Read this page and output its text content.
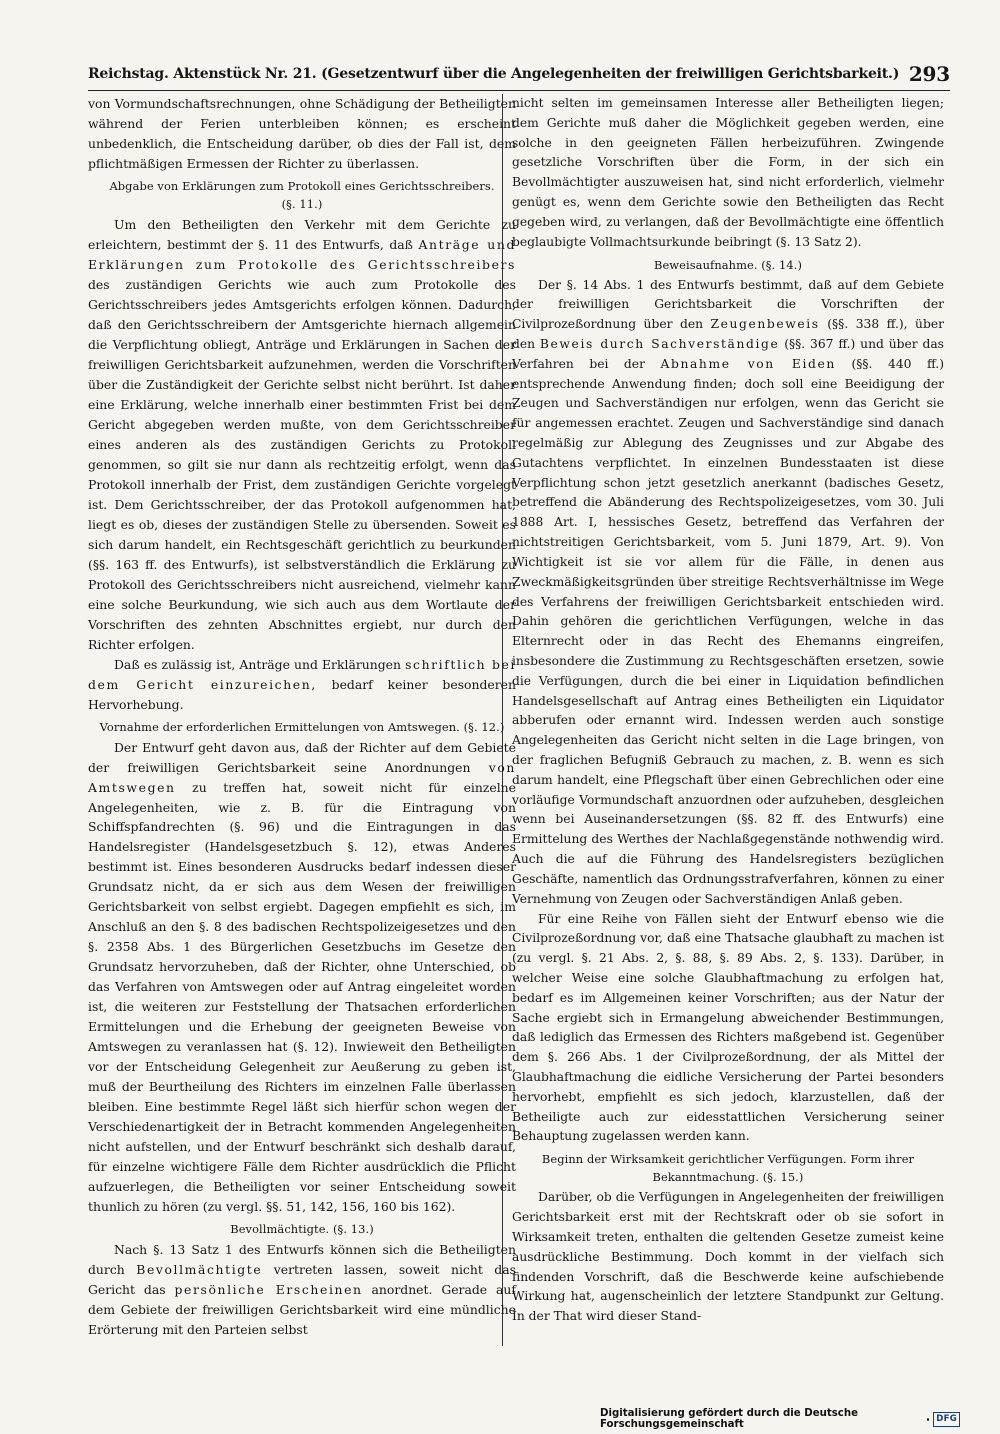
Reichstag. Aktenstück Nr. 21. (Gesetzentwurf über die Angelegenheiten der freiwilligen Gerichtsbarkeit.) 293

von Vormundschaftsrechnungen, ohne Schädigung der Betheiligten während der Ferien unterbleiben können; es erscheint unbedenklich, die Entscheidung darüber, ob dies der Fall ist, dem pflichtmäßigen Ermessen der Richter zu überlassen.

Abgabe von Erklärungen zum Protokoll eines Gerichtsschreibers.
(§. 11.)

Um den Betheiligten den Verkehr mit dem Gerichte zu erleichtern, bestimmt der §. 11 des Entwurfs, daß Anträge und Erklärungen zum Protokolle des Gerichtsschreibers des zuständigen Gerichts wie auch zum Protokolle des Gerichtsschreibers jedes Amtsgerichts erfolgen können. Dadurch, daß den Gerichtsschreibern der Amtsgerichte hiernach allgemein die Verpflichtung obliegt, Anträge und Erklärungen in Sachen der freiwilligen Gerichtsbarkeit aufzunehmen, werden die Vorschriften über die Zuständigkeit der Gerichte selbst nicht berührt. Ist daher eine Erklärung, welche innerhalb einer bestimmten Frist bei dem Gericht abgegeben werden mußte, von dem Gerichtsschreiber eines anderen als des zuständigen Gerichts zu Protokoll genommen, so gilt sie nur dann als rechtzeitig erfolgt, wenn das Protokoll innerhalb der Frist, dem zuständigen Gerichte vorgelegt ist. Dem Gerichtsschreiber, der das Protokoll aufgenommen hat, liegt es ob, dieses der zuständigen Stelle zu übersenden. Soweit es sich darum handelt, ein Rechtsgeschäft gerichtlich zu beurkunden (§§. 163 ff. des Entwurfs), ist selbstverständlich die Erklärung zu Protokoll des Gerichtsschreibers nicht ausreichend, vielmehr kann eine solche Beurkundung, wie sich auch aus dem Wortlaute der Vorschriften des zehnten Abschnittes ergiebt, nur durch den Richter erfolgen.

Daß es zulässig ist, Anträge und Erklärungen schriftlich bei dem Gericht einzureichen, bedarf keiner besonderen Hervorhebung.

Vornahme der erforderlichen Ermittelungen von Amtswegen. (§. 12.)

Der Entwurf geht davon aus, daß der Richter auf dem Gebiete der freiwilligen Gerichtsbarkeit seine Anordnungen von Amtswegen zu treffen hat, soweit nicht für einzelne Angelegenheiten, wie z. B. für die Eintragung von Schiffspfandrechten (§. 96) und die Eintragungen in das Handelsregister (Handelsgesetzbuch §. 12), etwas Anderes bestimmt ist. Eines besonderen Ausdrucks bedarf indessen dieser Grundsatz nicht, da er sich aus dem Wesen der freiwilligen Gerichtsbarkeit von selbst ergiebt. Dagegen empfiehlt es sich, im Anschluß an den §. 8 des badischen Rechtspolizeigesetzes und den §. 2358 Abs. 1 des Bürgerlichen Gesetzbuchs im Gesetze den Grundsatz hervorzuheben, daß der Richter, ohne Unterschied, ob das Verfahren von Amtswegen oder auf Antrag eingeleitet worden ist, die weiteren zur Feststellung der Thatsachen erforderlichen Ermittelungen und die Erhebung der geeigneten Beweise von Amtswegen zu veranlassen hat (§. 12). Inwieweit den Betheiligten vor der Entscheidung Gelegenheit zur Aeußerung zu geben ist, muß der Beurtheilung des Richters im einzelnen Falle überlassen bleiben. Eine bestimmte Regel läßt sich hierfür schon wegen der Verschiedenartigkeit der in Betracht kommenden Angelegenheiten nicht aufstellen, und der Entwurf beschränkt sich deshalb darauf, für einzelne wichtigere Fälle dem Richter ausdrücklich die Pflicht aufzuerlegen, die Betheiligten vor seiner Entscheidung soweit thunlich zu hören (zu vergl. §§. 51, 142, 156, 160 bis 162).

Bevollmächtigte. (§. 13.)

Nach §. 13 Satz 1 des Entwurfs können sich die Betheiligten durch Bevollmächtigte vertreten lassen, soweit nicht das Gericht das persönliche Erscheinen anordnet. Gerade auf dem Gebiete der freiwilligen Gerichtsbarkeit wird eine mündliche Erörterung mit den Parteien selbst

nicht selten im gemeinsamen Interesse aller Betheiligten liegen; dem Gerichte muß daher die Möglichkeit gegeben werden, eine solche in den geeigneten Fällen herbeizuführen. Zwingende gesetzliche Vorschriften über die Form, in der sich ein Bevollmächtigter auszuweisen hat, sind nicht erforderlich, vielmehr genügt es, wenn dem Gerichte sowie den Betheiligten das Recht gegeben wird, zu verlangen, daß der Bevollmächtigte eine öffentlich beglaubigte Vollmachtsurkunde beibringt (§. 13 Satz 2).

Beweisaufnahme. (§. 14.)

Der §. 14 Abs. 1 des Entwurfs bestimmt, daß auf dem Gebiete der freiwilligen Gerichtsbarkeit die Vorschriften der Civilprozeßordnung über den Zeugenbeweis (§§. 338 ff.), über den Beweis durch Sachverständige (§§. 367 ff.) und über das Verfahren bei der Abnahme von Eiden (§§. 440 ff.) entsprechende Anwendung finden; doch soll eine Beeidigung der Zeugen und Sachverständigen nur erfolgen, wenn das Gericht sie für angemessen erachtet. Zeugen und Sachverständige sind danach regelmäßig zur Ablegung des Zeugnisses und zur Abgabe des Gutachtens verpflichtet. In einzelnen Bundesstaaten ist diese Verpflichtung schon jetzt gesetzlich anerkannt (badisches Gesetz, betreffend die Abänderung des Rechtspolizeigesetzes, vom 30. Juli 1888 Art. I, hessisches Gesetz, betreffend das Verfahren der nichtstreitigen Gerichtsbarkeit, vom 5. Juni 1879, Art. 9). Von Wichtigkeit ist sie vor allem für die Fälle, in denen aus Zweckmäßigkeitsgründen über streitige Rechtsverhältnisse im Wege des Verfahrens der freiwilligen Gerichtsbarkeit entschieden wird. Dahin gehören die gerichtlichen Verfügungen, welche in das Elternrecht oder in das Recht des Ehemanns eingreifen, insbesondere die Zustimmung zu Rechtsgeschäften ersetzen, sowie die Verfügungen, durch die bei einer in Liquidation befindlichen Handelsgesellschaft auf Antrag eines Betheiligten ein Liquidator abberufen oder ernannt wird. Indessen werden auch sonstige Angelegenheiten das Gericht nicht selten in die Lage bringen, von der fraglichen Befugniß Gebrauch zu machen, z. B. wenn es sich darum handelt, eine Pflegschaft über einen Gebrechlichen oder eine vorläufige Vormundschaft anzuordnen oder aufzuheben, desgleichen wenn bei Auseinandersetzungen (§§. 82 ff. des Entwurfs) eine Ermittelung des Werthes der Nachlaßgegenstände nothwendig wird. Auch die auf die Führung des Handelsregisters bezüglichen Geschäfte, namentlich das Ordnungsstrafverfahren, können zu einer Vernehmung von Zeugen oder Sachverständigen Anlaß geben.

Für eine Reihe von Fällen sieht der Entwurf ebenso wie die Civilprozeßordnung vor, daß eine Thatsache glaubhaft zu machen ist (zu vergl. §. 21 Abs. 2, §. 88, §. 89 Abs. 2, §. 133). Darüber, in welcher Weise eine solche Glaubhaftmachung zu erfolgen hat, bedarf es im Allgemeinen keiner Vorschriften; aus der Natur der Sache ergiebt sich in Ermangelung abweichender Bestimmungen, daß lediglich das Ermessen des Richters maßgebend ist. Gegenüber dem §. 266 Abs. 1 der Civilprozeßordnung, der als Mittel der Glaubhaftmachung die eidliche Versicherung der Partei besonders hervorhebt, empfiehlt es sich jedoch, klarzustellen, daß der Betheiligte auch zur eidesstattlichen Versicherung seiner Behauptung zugelassen werden kann.

Beginn der Wirksamkeit gerichtlicher Verfügungen. Form ihrer
Bekanntmachung. (§. 15.)

Darüber, ob die Verfügungen in Angelegenheiten der freiwilligen Gerichtsbarkeit erst mit der Rechtskraft oder ob sie sofort in Wirksamkeit treten, enthalten die geltenden Gesetze zumeist keine ausdrückliche Bestimmung. Doch kommt in der vielfach sich findenden Vorschrift, daß die Beschwerde keine aufschiebende Wirkung hat, augenscheinlich der letztere Standpunkt zur Geltung. In der That wird dieser Stand-

Digitalisierung gefördert durch die Deutsche Forschungsgemeinschaft	DFG
